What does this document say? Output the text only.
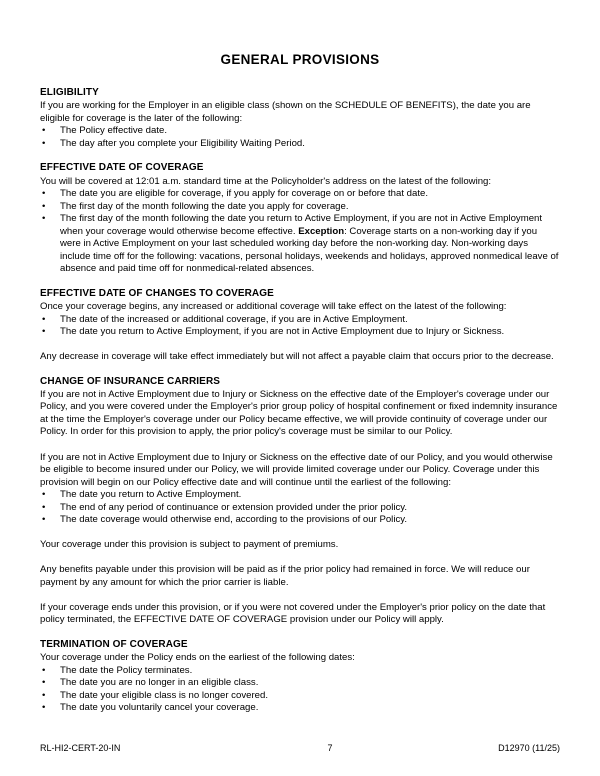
GENERAL PROVISIONS
ELIGIBILITY

If you are working for the Employer in an eligible class (shown on the SCHEDULE OF BENEFITS), the date you are eligible for coverage is the later of the following:

• The Policy effective date.
• The day after you complete your Eligibility Waiting Period.
EFFECTIVE DATE OF COVERAGE

You will be covered at 12:01 a.m. standard time at the Policyholder's address on the latest of the following:

• The date you are eligible for coverage, if you apply for coverage on or before that date.
• The first day of the month following the date you apply for coverage.
• The first day of the month following the date you return to Active Employment, if you are not in Active Employment when your coverage would otherwise become effective. Exception: Coverage starts on a non-working day if you were in Active Employment on your last scheduled working day before the non-working day. Non-working days include time off for the following: vacations, personal holidays, weekends and holidays, approved nonmedical leave of absence and paid time off for nonmedical-related absences.
EFFECTIVE DATE OF CHANGES TO COVERAGE

Once your coverage begins, any increased or additional coverage will take effect on the latest of the following:

• The date of the increased or additional coverage, if you are in Active Employment.
• The date you return to Active Employment, if you are not in Active Employment due to Injury or Sickness.

Any decrease in coverage will take effect immediately but will not affect a payable claim that occurs prior to the decrease.

CHANGE OF INSURANCE CARRIERS

If you are not in Active Employment due to Injury or Sickness on the effective date of the Employer's coverage under our Policy, and you were covered under the Employer's prior group policy of hospital confinement or fixed indemnity insurance at the time the Employer's coverage under our Policy became effective, we will provide continuity of coverage under our Policy. In order for this provision to apply, the prior policy's coverage must be similar to our Policy.

If you are not in Active Employment due to Injury or Sickness on the effective date of our Policy, and you would otherwise be eligible to become insured under our Policy, we will provide limited coverage under our Policy. Coverage under this provision will begin on our Policy effective date and will continue until the earliest of the following:

• The date you return to Active Employment.
• The end of any period of continuance or extension provided under the prior policy.
• The date coverage would otherwise end, according to the provisions of our Policy.

Your coverage under this provision is subject to payment of premiums.

Any benefits payable under this provision will be paid as if the prior policy had remained in force. We will reduce our payment by any amount for which the prior carrier is liable.

If your coverage ends under this provision, or if you were not covered under the Employer's prior policy on the date that policy terminated, the EFFECTIVE DATE OF COVERAGE provision under our Policy will apply.

TERMINATION OF COVERAGE

Your coverage under the Policy ends on the earliest of the following dates:

• The date the Policy terminates.
• The date you are no longer in an eligible class.
• The date your eligible class is no longer covered.
• The date you voluntarily cancel your coverage.
RL-HI2-CERT-20-IN	7	D12970 (11/25)
